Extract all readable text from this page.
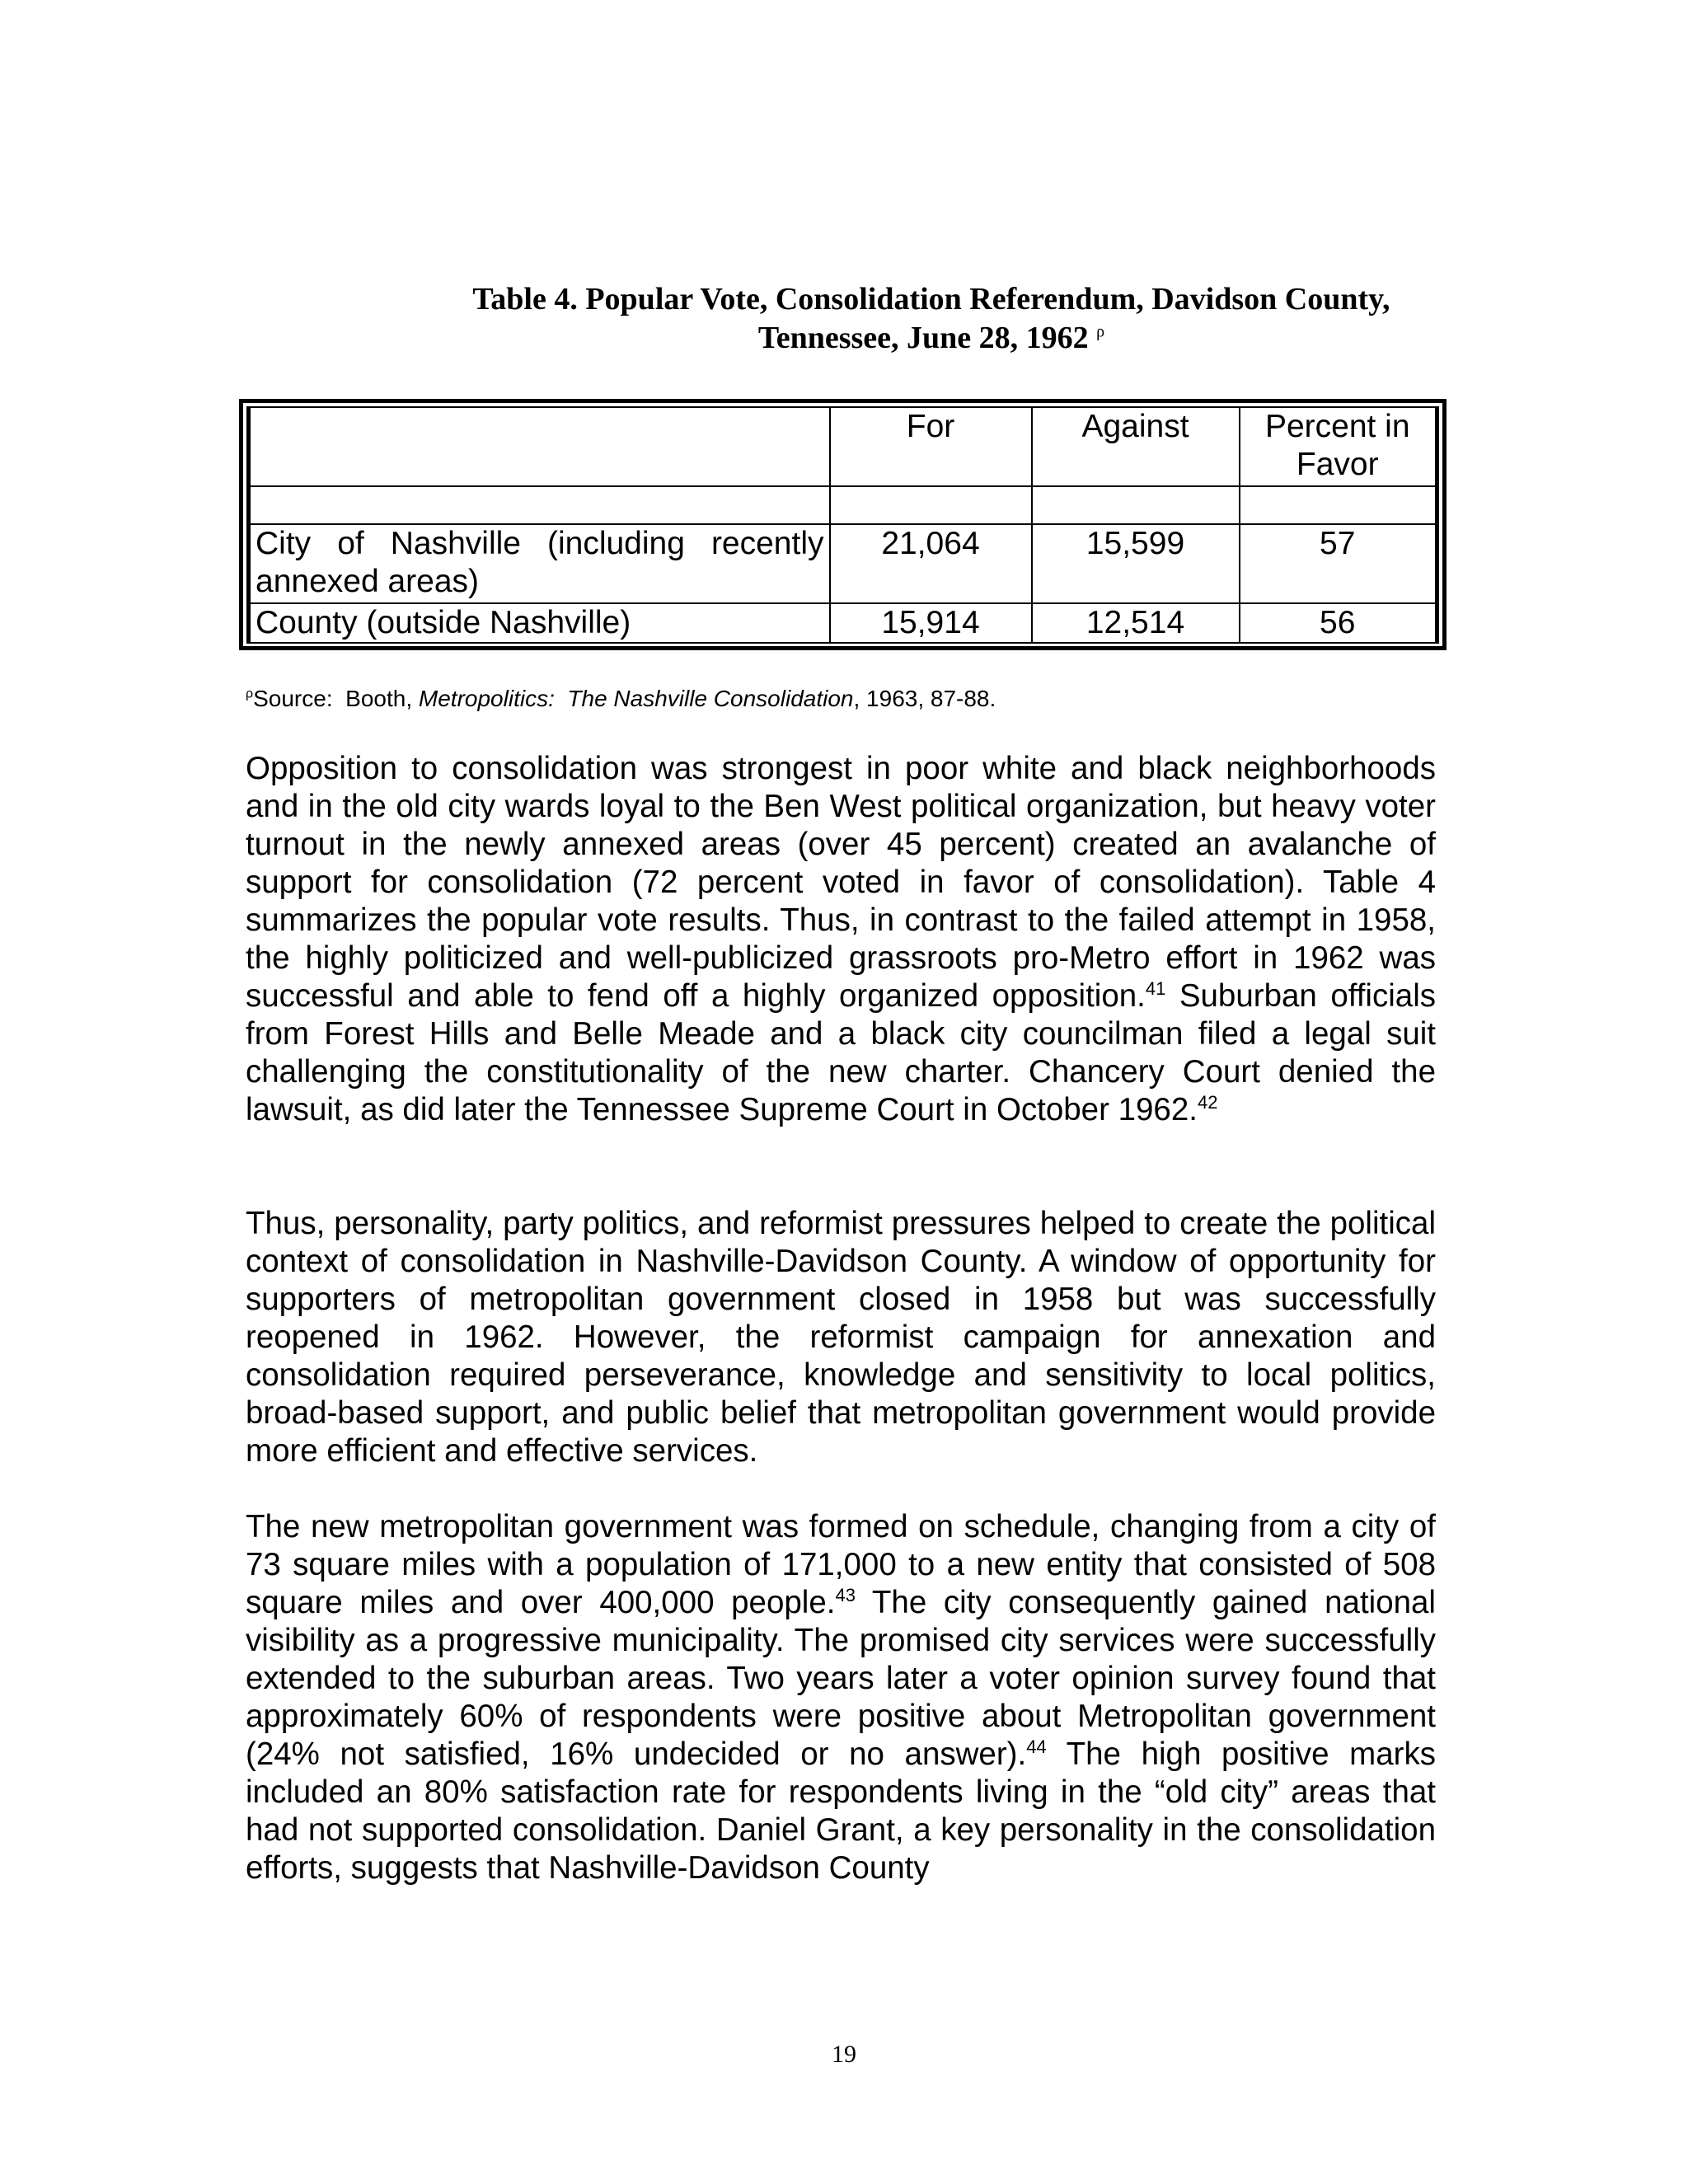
Table 4. Popular Vote, Consolidation Referendum, Davidson County,
Tennessee, June 28, 1962 $^\rho$
	For	Against	Percent in Favor

City of Nashville (including recently annexed areas)	21,064	15,599	57
County (outside Nashville)	15,914	12,514	56
$^\rho$Source:  Booth, Metropolitics:  The Nashville Consolidation, 1963, 87-88.

Opposition to consolidation was strongest in poor white and black neighborhoods and in the old city wards loyal to the Ben West political organization, but heavy voter turnout in the newly annexed areas (over 45 percent) created an avalanche of support for consolidation (72 percent voted in favor of consolidation). Table 4 summarizes the popular vote results. Thus, in contrast to the failed attempt in 1958, the highly politicized and well-publicized grassroots pro-Metro effort in 1962 was successful and able to fend off a highly organized opposition.$^{41}$ Suburban officials from Forest Hills and Belle Meade and a black city councilman filed a legal suit challenging the constitutionality of the new charter. Chancery Court denied the lawsuit, as did later the Tennessee Supreme Court in October 1962.42

Thus, personality, party politics, and reformist pressures helped to create the political context of consolidation in Nashville-Davidson County. A window of opportunity for supporters of metropolitan government closed in 1958 but was successfully reopened in 1962. However, the reformist campaign for annexation and consolidation required perseverance, knowledge and sensitivity to local politics, broad-based support, and public belief that metropolitan government would provide more efficient and effective services.

The new metropolitan government was formed on schedule, changing from a city of 73 square miles with a population of 171,000 to a new entity that consisted of 508 square miles and over 400,000 people.$^{43}$ The city consequently gained national visibility as a progressive municipality. The promised city services were successfully extended to the suburban areas. Two years later a voter opinion survey found that approximately 60% of respondents were positive about Metropolitan government (24% not satisfied, 16% undecided or no answer).$^{44}$ The high positive marks included an 80% satisfaction rate for respondents living in the “old city” areas that had not supported consolidation. Daniel Grant, a key personality in the consolidation efforts, suggests that Nashville-Davidson County

19
